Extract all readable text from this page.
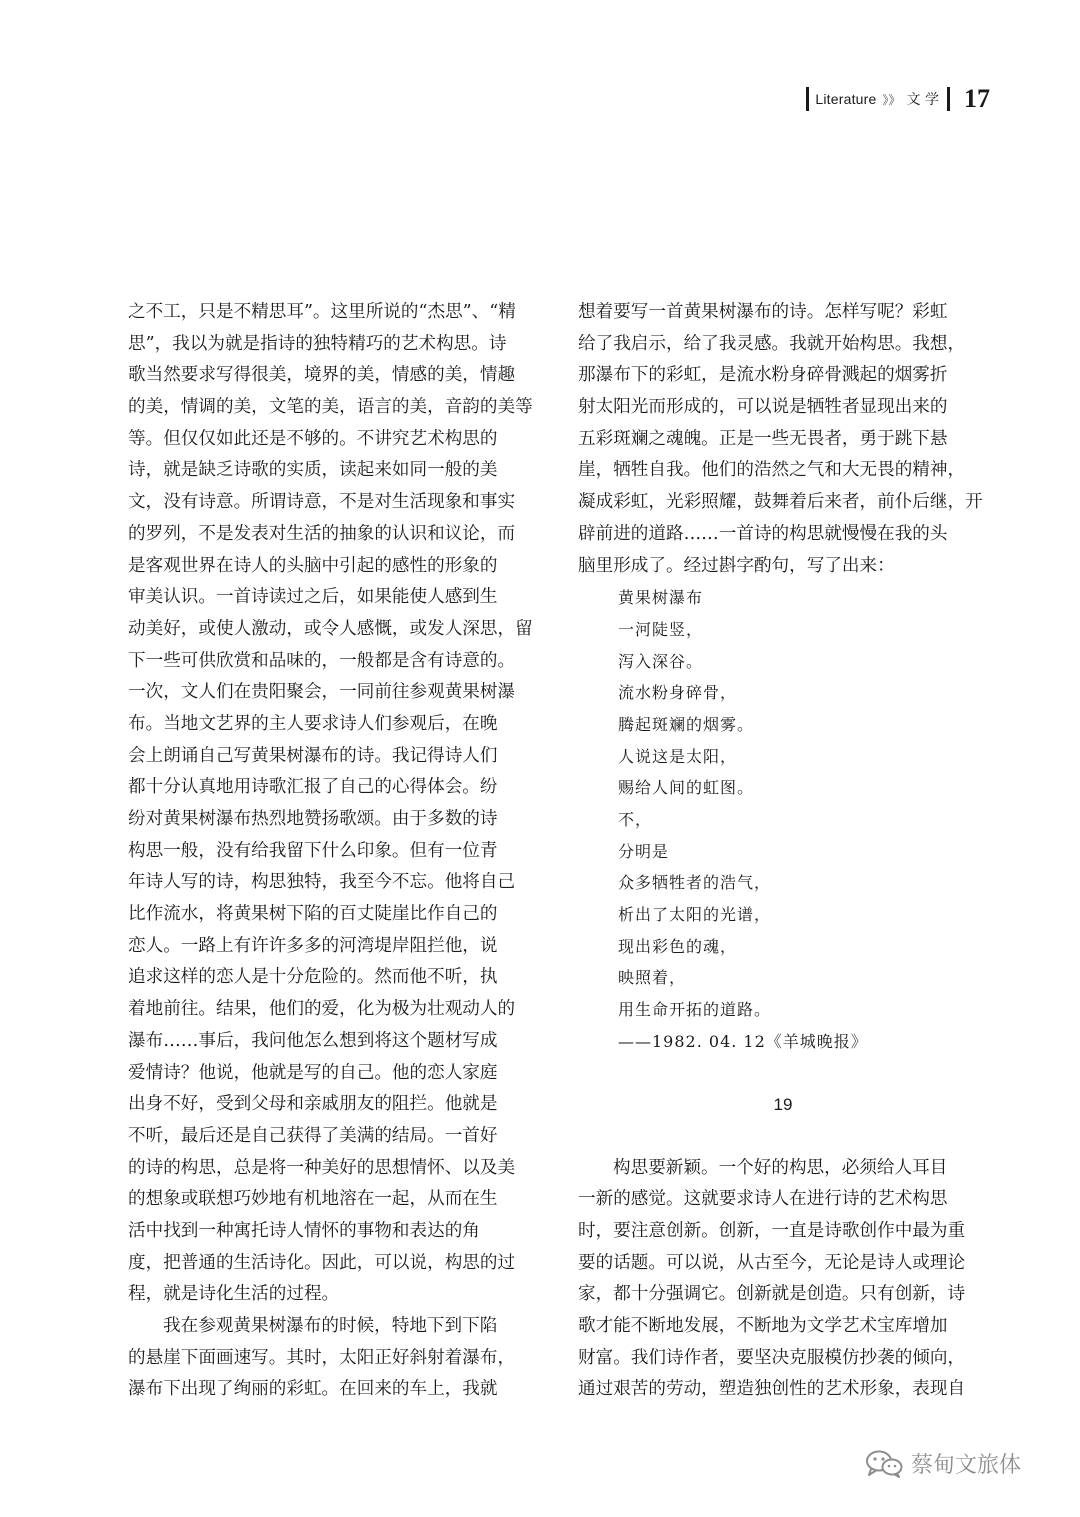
Literature 》》 文 学 17
之不工，只是不精思耳”。这里所说的“杰思”、“精
思”，我以为就是指诗的独特精巧的艺术构思。诗
歌当然要求写得很美，境界的美，情感的美，情趣
的美，情调的美，文笔的美，语言的美，音韵的美等
等。但仅仅如此还是不够的。不讲究艺术构思的
诗，就是缺乏诗歌的实质，读起来如同一般的美
文，没有诗意。所谓诗意，不是对生活现象和事实
的罗列，不是发表对生活的抽象的认识和议论，而
是客观世界在诗人的头脑中引起的感性的形象的
审美认识。一首诗读过之后，如果能使人感到生
动美好，或使人激动，或令人感慨，或发人深思，留
下一些可供欣赏和品味的，一般都是含有诗意的。
一次，文人们在贵阳聚会，一同前往参观黄果树瀑
布。当地文艺界的主人要求诗人们参观后，在晚
会上朗诵自己写黄果树瀑布的诗。我记得诗人们
都十分认真地用诗歌汇报了自己的心得体会。纷
纷对黄果树瀑布热烈地赞扬歌颂。由于多数的诗
构思一般，没有给我留下什么印象。但有一位青
年诗人写的诗，构思独特，我至今不忘。他将自己
比作流水，将黄果树下陷的百丈陡崖比作自己的
恋人。一路上有许许多多的河湾堤岸阻拦他，说
追求这样的恋人是十分危险的。然而他不听，执
着地前往。结果，他们的爱，化为极为壮观动人的
瀑布……事后，我问他怎么想到将这个题材写成
爱情诗？他说，他就是写的自己。他的恋人家庭
出身不好，受到父母和亲戚朋友的阻拦。他就是
不听，最后还是自己获得了美满的结局。一首好
的诗的构思，总是将一种美好的思想情怀、以及美
的想象或联想巧妙地有机地溶在一起，从而在生
活中找到一种寓托诗人情怀的事物和表达的角
度，把普通的生活诗化。因此，可以说，构思的过
程，就是诗化生活的过程。
我在参观黄果树瀑布的时候，特地下到下陷
的悬崖下面画速写。其时，太阳正好斜射着瀑布，
瀑布下出现了绚丽的彩虹。在回来的车上，我就
想着要写一首黄果树瀑布的诗。怎样写呢？彩虹
给了我启示，给了我灵感。我就开始构思。我想，
那瀑布下的彩虹，是流水粉身碎骨溅起的烟雾折
射太阳光而形成的，可以说是牺牲者显现出来的
五彩斑斓之魂魄。正是一些无畏者，勇于跳下悬
崖，牺牲自我。他们的浩然之气和大无畏的精神，
凝成彩虹，光彩照耀，鼓舞着后来者，前仆后继，开
辟前进的道路……一首诗的构思就慢慢在我的头
脑里形成了。经过斟字酌句，写了出来：
黄果树瀑布
一河陡竖，
泻入深谷。
流水粉身碎骨，
腾起斑斓的烟雾。
人说这是太阳，
赐给人间的虹图。
不，
分明是
众多牺牲者的浩气，
析出了太阳的光谱，
现出彩色的魂，
映照着，
用生命开拓的道路。
——1982. 04. 12《羊城晚报》
19
构思要新颖。一个好的构思，必须给人耳目
一新的感觉。这就要求诗人在进行诗的艺术构思
时，要注意创新。创新，一直是诗歌创作中最为重
要的话题。可以说，从古至今，无论是诗人或理论
家，都十分强调它。创新就是创造。只有创新，诗
歌才能不断地发展，不断地为文学艺术宝库增加
财富。我们诗作者，要坚决克服模仿抄袭的倾向，
通过艰苦的劳动，塑造独创性的艺术形象，表现自
蔡甸文旅体
